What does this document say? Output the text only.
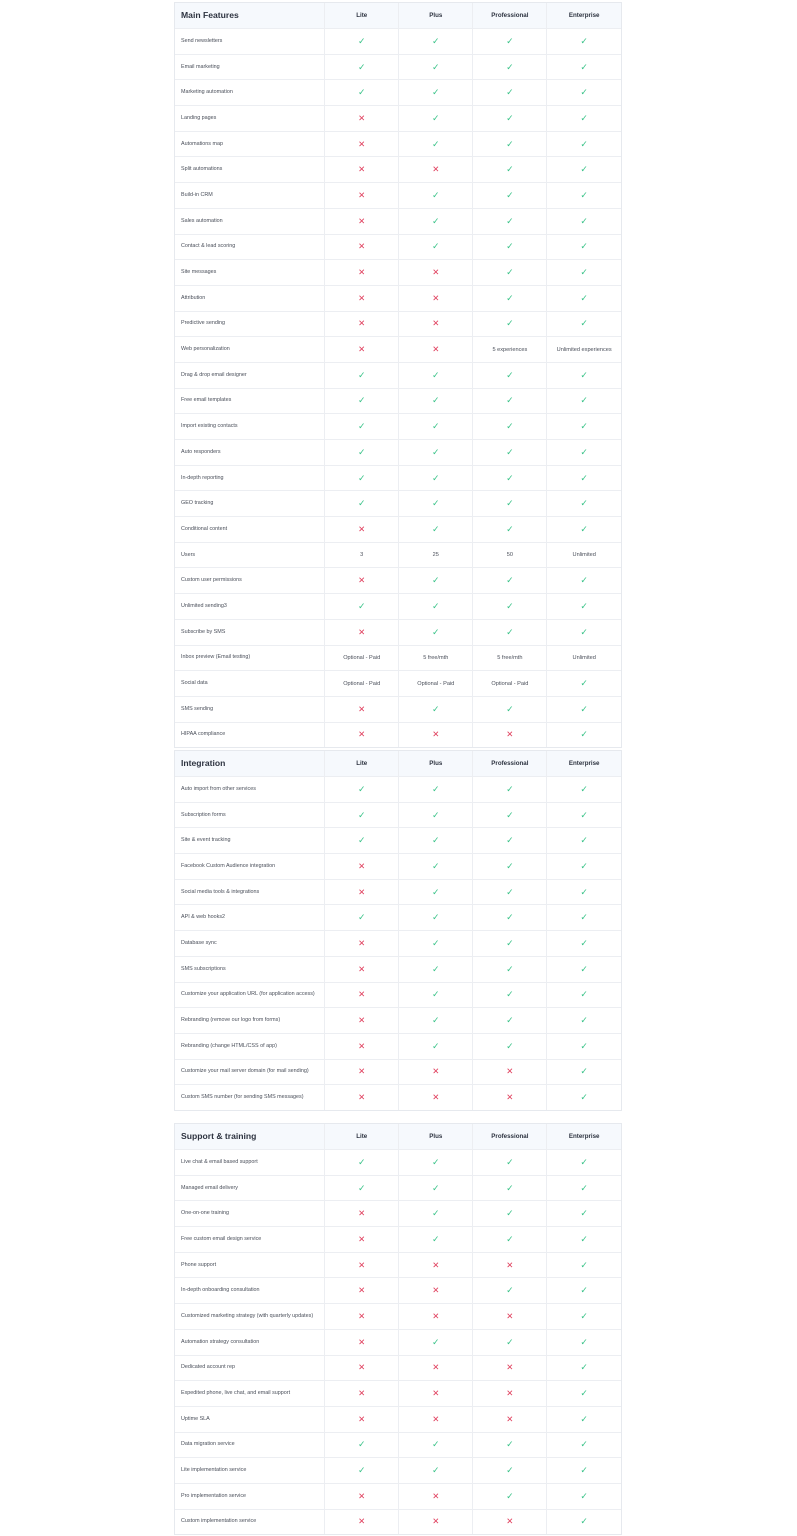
Main Features	Lite	Plus	Professional	Enterprise
Send newsletters	✓	✓	✓	✓
Email marketing	✓	✓	✓	✓
Marketing automation	✓	✓	✓	✓
Landing pages	✕	✓	✓	✓
Automations map	✕	✓	✓	✓
Split automations	✕	✕	✓	✓
Build-in CRM	✕	✓	✓	✓
Sales automation	✕	✓	✓	✓
Contact & lead scoring	✕	✓	✓	✓
Site messages	✕	✕	✓	✓
Attribution	✕	✕	✓	✓
Predictive sending	✕	✕	✓	✓
Web personalization	✕	✕	5 experiences	Unlimited experiences
Drag & drop email designer	✓	✓	✓	✓
Free email templates	✓	✓	✓	✓
Import existing contacts	✓	✓	✓	✓
Auto responders	✓	✓	✓	✓
In-depth reporting	✓	✓	✓	✓
GEO tracking	✓	✓	✓	✓
Conditional content	✕	✓	✓	✓
Users	3	25	50	Unlimited
Custom user permissions	✕	✓	✓	✓
Unlimited sending3	✓	✓	✓	✓
Subscribe by SMS	✕	✓	✓	✓
Inbox preview (Email testing)	Optional - Paid	5 free/mth	5 free/mth	Unlimited
Social data	Optional - Paid	Optional - Paid	Optional - Paid	✓
SMS sending	✕	✓	✓	✓
HIPAA compliance	✕	✕	✕	✓
Integration	Lite	Plus	Professional	Enterprise
Auto import from other services	✓	✓	✓	✓
Subscription forms	✓	✓	✓	✓
Site & event tracking	✓	✓	✓	✓
Facebook Custom Audience integration	✕	✓	✓	✓
Social media tools & integrations	✕	✓	✓	✓
API & web hooks2	✓	✓	✓	✓
Database sync	✕	✓	✓	✓
SMS subscriptions	✕	✓	✓	✓
Customize your application URL (for application access)	✕	✓	✓	✓
Rebranding (remove our logo from forms)	✕	✓	✓	✓
Rebranding (change HTML/CSS of app)	✕	✓	✓	✓
Customize your mail server domain (for mail sending)	✕	✕	✕	✓
Custom SMS number (for sending SMS messages)	✕	✕	✕	✓
Support & training	Lite	Plus	Professional	Enterprise
Live chat & email based support	✓	✓	✓	✓
Managed email delivery	✓	✓	✓	✓
One-on-one training	✕	✓	✓	✓
Free custom email design service	✕	✓	✓	✓
Phone support	✕	✕	✕	✓
In-depth onboarding consultation	✕	✕	✓	✓
Customized marketing strategy (with quarterly updates)	✕	✕	✕	✓
Automation strategy consultation	✕	✓	✓	✓
Dedicated account rep	✕	✕	✕	✓
Expedited phone, live chat, and email support	✕	✕	✕	✓
Uptime SLA	✕	✕	✕	✓
Data migration service	✓	✓	✓	✓
Lite implementation service	✓	✓	✓	✓
Pro implementation service	✕	✕	✓	✓
Custom implementation service	✕	✕	✕	✓
